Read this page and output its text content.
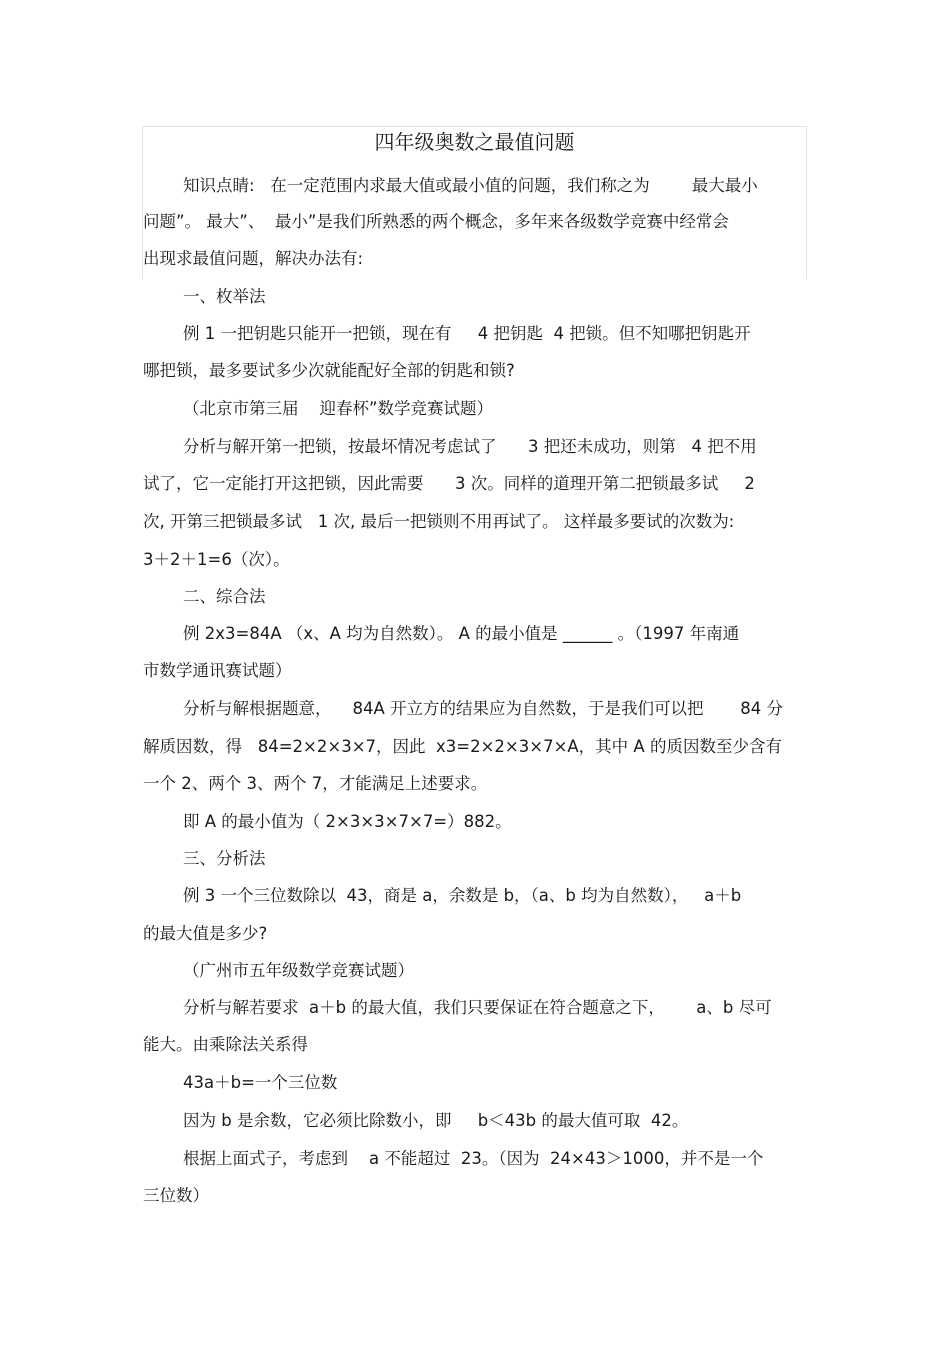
四年级奥数之最值问题
知识点睛:   在一定范围内求最大值或最小值的问题，我们称之为        最大最小
问题”。 最大”、  最小”是我们所熟悉的两个概念，多年来各级数学竞赛中经常会
出现求最值问题，解决办法有:
一、枚举法
例 1 一把钥匙只能开一把锁，现在有     4 把钥匙  4 把锁。但不知哪把钥匙开
哪把锁，最多要试多少次就能配好全部的钥匙和锁?
（北京市第三届    迎春杯”数学竞赛试题）
分析与解开第一把锁，按最坏情况考虑试了      3 把还未成功，则第   4 把不用
试了，它一定能打开这把锁，因此需要      3 次。同样的道理开第二把锁最多试     2
次, 开第三把锁最多试   1 次, 最后一把锁则不用再试了。 这样最多要试的次数为:
3＋2＋1=6（次）。
二、综合法
例 2x3=84A （x、A 均为自然数）。 A 的最小值是 ______ 。（1997 年南通
市数学通讯赛试题）
分析与解根据题意，    84A 开立方的结果应为自然数，于是我们可以把       84 分
解质因数，得   84=2×2×3×7，因此  x3=2×2×3×7×A，其中 A 的质因数至少含有
一个 2、两个 3、两个 7，才能满足上述要求。
即 A 的最小值为（ 2×3×3×7×7=）882。
三、分析法
例 3 一个三位数除以  43，商是 a，余数是 b，（a、b 均为自然数），   a＋b
的最大值是多少?
（广州市五年级数学竞赛试题）
分析与解若要求  a＋b 的最大值，我们只要保证在符合题意之下，      a、b 尽可
能大。由乘除法关系得
43a＋b=一个三位数
因为 b 是余数，它必须比除数小，即     b＜43b 的最大值可取  42。
根据上面式子，考虑到    a 不能超过  23。（因为  24×43＞1000，并不是一个
三位数）
